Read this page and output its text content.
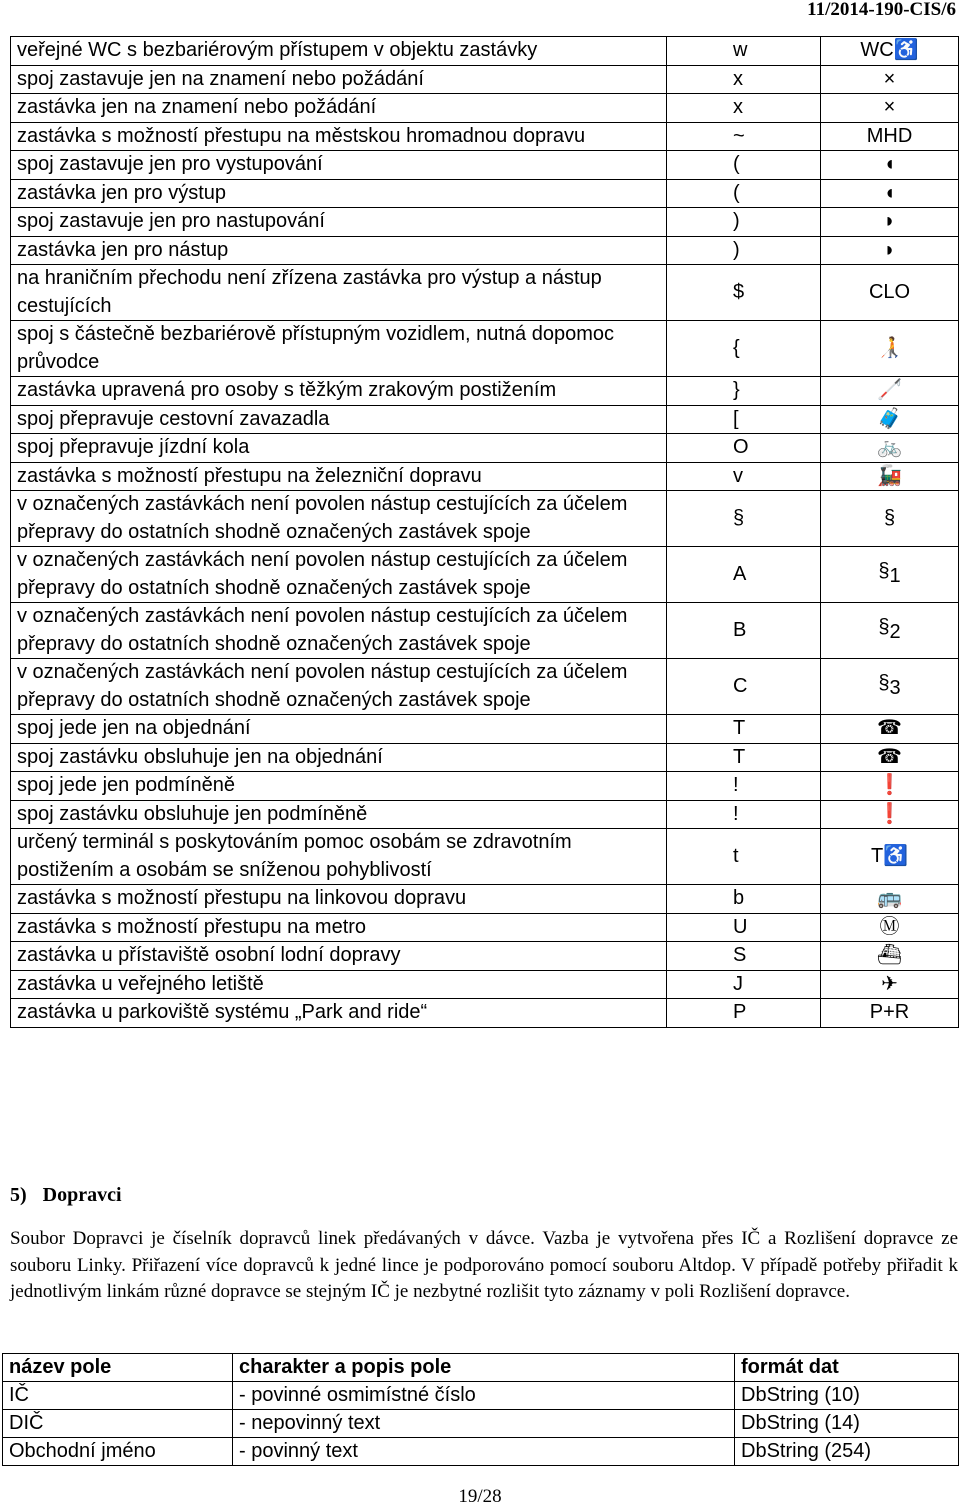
11/2014-190-CIS/6
veřejné WC s bezbariérovým přístupem v objektu zastávky	w	WC♿
spoj zastavuje jen na znamení nebo požádání	x	×
zastávka jen na znamení nebo požádání	x	×
zastávka s možností přestupu na městskou hromadnou dopravu	~	MHD
spoj zastavuje jen pro vystupování	(	◖
zastávka jen pro výstup	(	◖
spoj zastavuje jen pro nastupování	)	◗
zastávka jen pro nástup	)	◗
na hraničním přechodu není zřízena zastávka pro výstup a nástup cestujících	$	CLO
spoj s částečně bezbariérově přístupným vozidlem, nutná dopomoc průvodce	{	🧑‍🦯
zastávka upravená pro osoby s těžkým zrakovým postižením	}	🦯
spoj přepravuje cestovní zavazadla	[	🧳
spoj přepravuje jízdní kola	O	🚲
zastávka s možností přestupu na železniční dopravu	v	🚂
v označených zastávkách není povolen nástup cestujících za účelem přepravy do ostatních shodně označených zastávek spoje	§	§
v označených zastávkách není povolen nástup cestujících za účelem přepravy do ostatních shodně označených zastávek spoje	A	$\S_1$
v označených zastávkách není povolen nástup cestujících za účelem přepravy do ostatních shodně označených zastávek spoje	B	$\S_2$
v označených zastávkách není povolen nástup cestujících za účelem přepravy do ostatních shodně označených zastávek spoje	C	$\S_3$
spoj jede jen na objednání	T	☎
spoj zastávku obsluhuje jen na objednání	T	☎
spoj jede jen podmíněně	!	❗
spoj zastávku obsluhuje jen podmíněně	!	❗
určený terminál s poskytováním pomoc osobám se zdravotním postižením a osobám se sníženou pohyblivostí	t	T♿
zastávka s možností přestupu na linkovou dopravu	b	🚌
zastávka s možností přestupu na metro	U	Ⓜ
zastávka u přístaviště osobní lodní dopravy	S	⛴
zastávka u veřejného letiště	J	✈
zastávka u parkoviště systému „Park and ride“	P	P+R
5) Dopravci

Soubor Dopravci je číselník dopravců linek předávaných v dávce. Vazba je vytvořena přes IČ a Rozlišení dopravce ze souboru Linky. Přiřazení více dopravců k jedné lince je podporováno pomocí souboru Altdop. V případě potřeby přiřadit k jednotlivým linkám různé dopravce se stejným IČ je nezbytné rozlišit tyto záznamy v poli Rozlišení dopravce.

název pole	charakter a popis pole	formát dat
IČ	- povinné osmimístné číslo	DbString (10)
DIČ	- nepovinný text	DbString (14)
Obchodní jméno	- povinný text	DbString (254)
19/28
